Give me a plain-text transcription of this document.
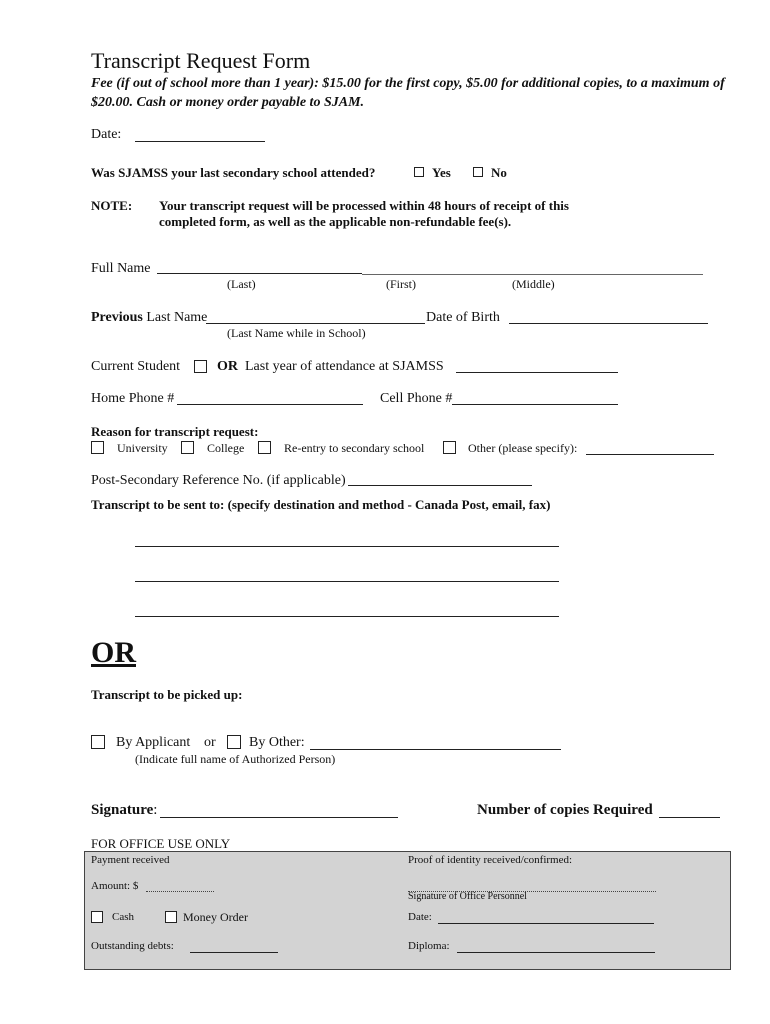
Transcript Request Form
Fee (if out of school more than 1 year): $15.00 for the first copy, $5.00 for additional copies, to a maximum of $20.00. Cash or money order payable to SJAM.
Date:
Was SJAMSS your last secondary school attended?	Yes	No
NOTE: Your transcript request will be processed within 48 hours of receipt of this
completed form, as well as the applicable non-refundable fee(s).
Full Name
(Last)	(First)	(Middle)
Previous Last Name	Date of Birth
(Last Name while in School)
Current Student	OR Last year of attendance at SJAMSS
Home Phone #	Cell Phone #
Reason for transcript request:
University	College	Re-entry to secondary school	Other (please specify):
Post-Secondary Reference No. (if applicable)
Transcript to be sent to: (specify destination and method - Canada Post, email, fax)
OR
Transcript to be picked up:
By Applicant or By Other:
(Indicate full name of Authorized Person)
Signature:	Number of copies Required
FOR OFFICE USE ONLY
Payment received
Amount: $
Cash	Money Order
Outstanding debts:
Proof of identity received/confirmed:
Signature of Office Personnel
Date:
Diploma:
